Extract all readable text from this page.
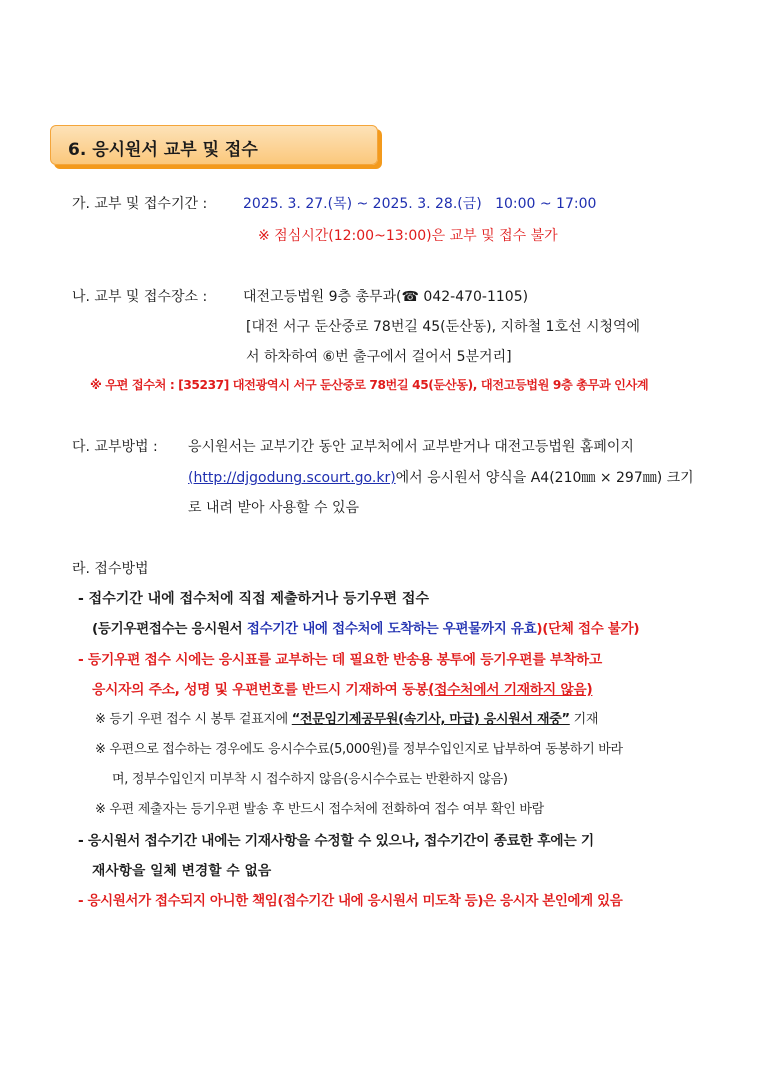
6. 응시원서 교부 및 접수
가. 교부 및 접수기간 :	2025. 3. 27.(목) ~ 2025. 3. 28.(금)   10:00 ~ 17:00
※ 점심시간(12:00~13:00)은 교부 및 접수 불가
나. 교부 및 접수장소 :	대전고등법원 9층 총무과(☎ 042-470-1105)
[대전 서구 둔산중로 78번길 45(둔산동), 지하철 1호선 시청역에
서 하차하여 ⑥번 출구에서 걸어서 5분거리]
※ 우편 접수처 : [35237] 대전광역시 서구 둔산중로 78번길 45(둔산동), 대전고등법원 9층 총무과 인사계
다. 교부방법 : 응시원서는 교부기간 동안 교부처에서 교부받거나 대전고등법원 홈페이지
(http://djgodung.scourt.go.kr)에서 응시원서 양식을 A4(210㎜ × 297㎜) 크기
로 내려 받아 사용할 수 있음
라. 접수방법
- 접수기간 내에 접수처에 직접 제출하거나 등기우편 접수
(등기우편접수는 응시원서 접수기간 내에 접수처에 도착하는 우편물까지 유효)(단체 접수 불가)
- 등기우편 접수 시에는 응시표를 교부하는 데 필요한 반송용 봉투에 등기우편를 부착하고
응시자의 주소, 성명 및 우편번호를 반드시 기재하여 동봉(접수처에서 기재하지 않음)
※ 등기 우편 접수 시 봉투 겉표지에 “전문임기제공무원(속기사, 마급) 응시원서 재중” 기재
※ 우편으로 접수하는 경우에도 응시수수료(5,000원)를 정부수입인지로 납부하여 동봉하기 바라
며, 정부수입인지 미부착 시 접수하지 않음(응시수수료는 반환하지 않음)
※ 우편 제출자는 등기우편 발송 후 반드시 접수처에 전화하여 접수 여부 확인 바람
- 응시원서 접수기간 내에는 기재사항을 수정할 수 있으나, 접수기간이 종료한 후에는 기
재사항을 일체 변경할 수 없음
- 응시원서가 접수되지 아니한 책임(접수기간 내에 응시원서 미도착 등)은 응시자 본인에게 있음
